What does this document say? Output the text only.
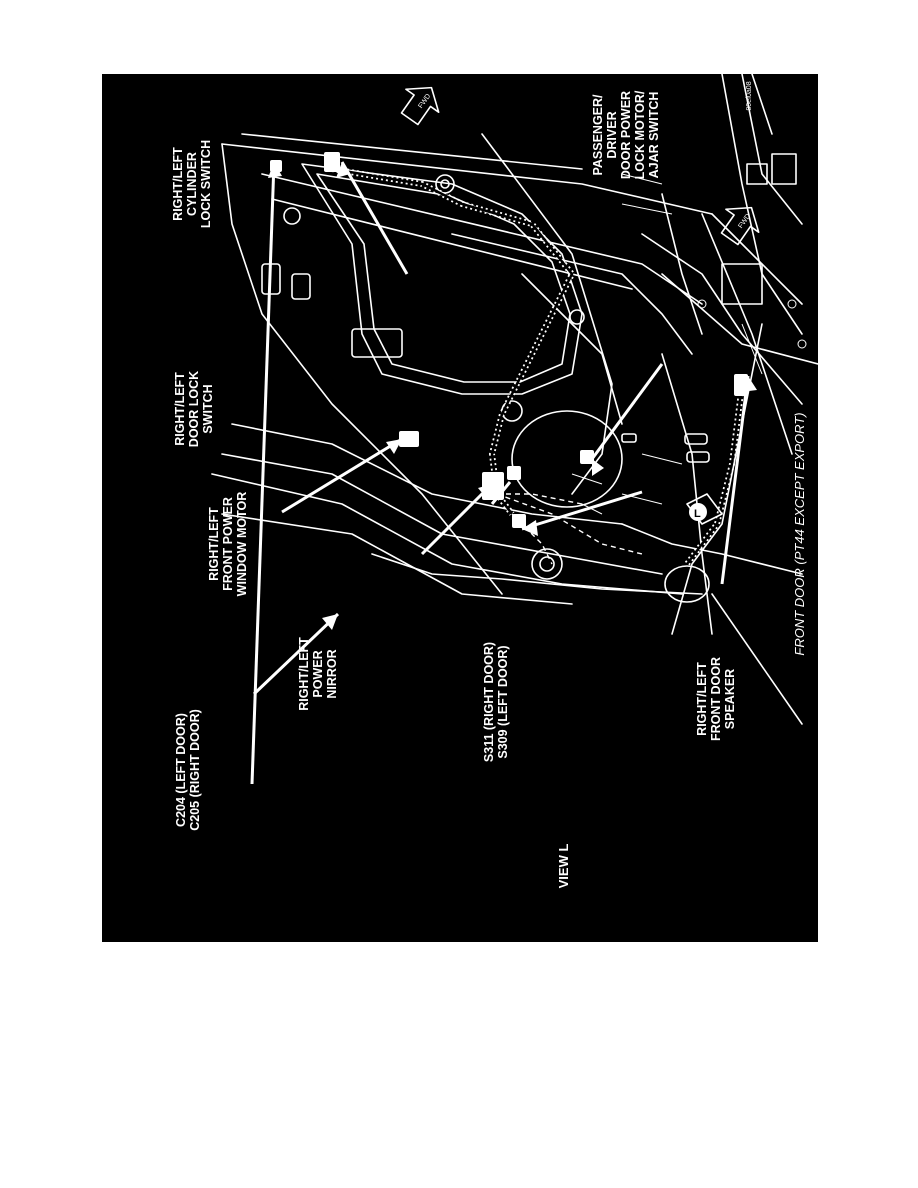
FWD
FWD
L
C204 (LEFT DOOR) C205 (RIGHT DOOR)
VIEW L
RIGHT/LEFT CYLINDER LOCK SWITCH
PASSENGER/ DRIVER DOOR POWER LOCK MOTOR/ AJAR SWITCH
RIGHT/LEFT DOOR LOCK SWITCH
RIGHT/LEFT FRONT POWER WINDOW MOTOR
RIGHT/LEFT POWER NIRROR	S311 (RIGHT DOOR) S309 (LEFT DOOR)	RIGHT/LEFT FRONT DOOR SPEAKER
FRONT DOOR (PT44 EXCEPT EXPORT)
80ef0a08
